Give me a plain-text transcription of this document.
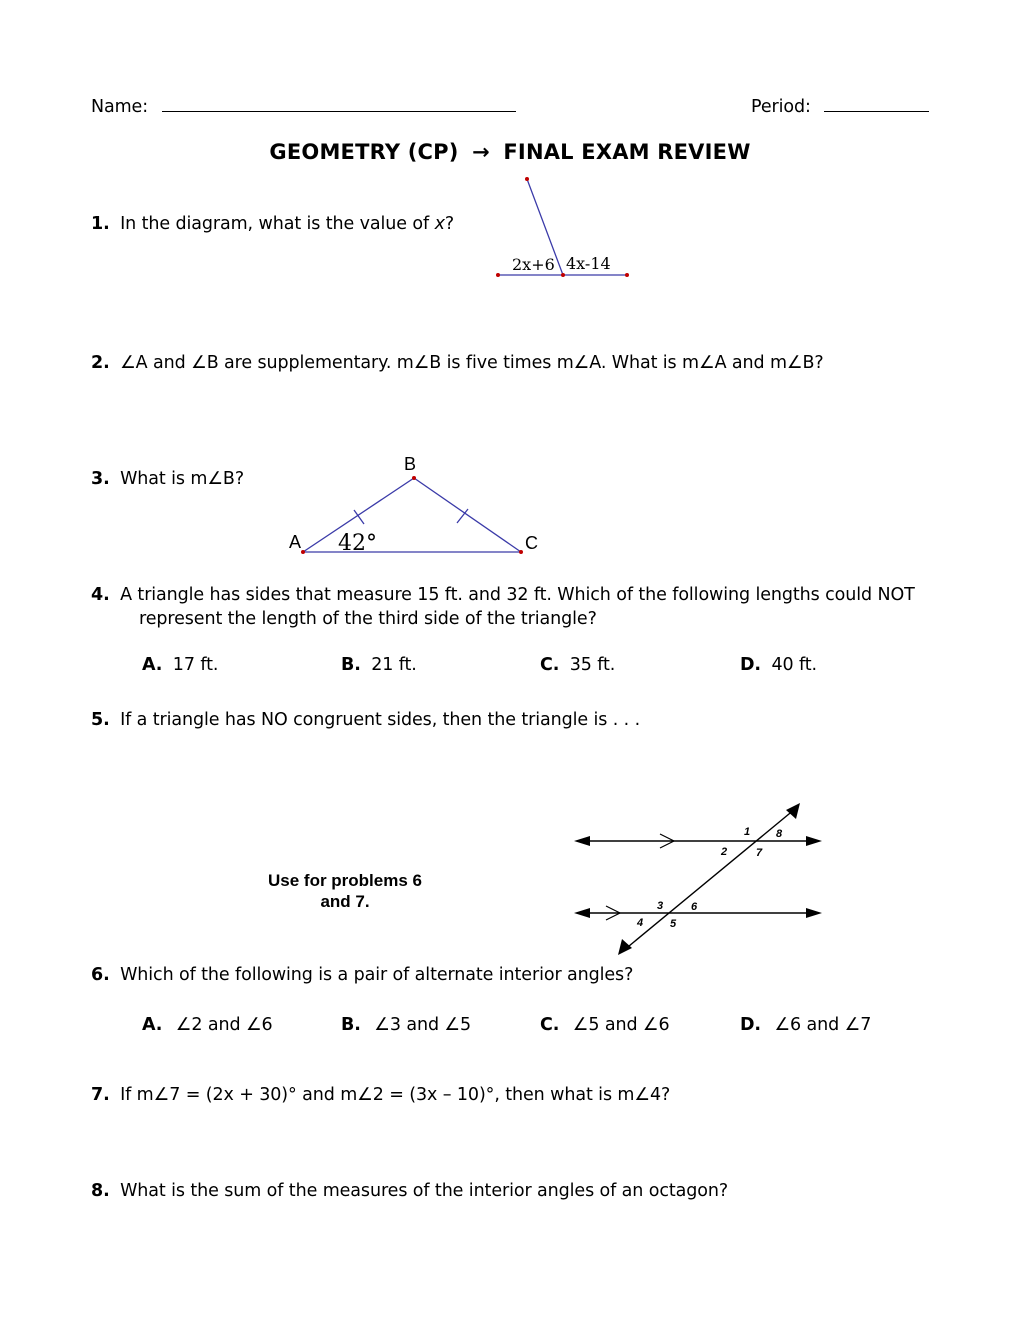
Name:	Period:
GEOMETRY (CP) → FINAL EXAM REVIEW
1. In the diagram, what is the value of x?
2x+6 4x-14
2. ∠A and ∠B are supplementary. m∠B is five times m∠A. What is m∠A and m∠B?
3. What is m∠B?
A
B
C
42°
4. A triangle has sides that measure 15 ft. and 32 ft. Which of the following lengths could NOT
represent the length of the third side of the triangle?
A. 17 ft.	B. 21 ft.	C. 35 ft.	D. 40 ft.
5. If a triangle has NO congruent sides, then the triangle is . . .
Use for problems 6
and 7.
1 8
2	7
3	6
4 5
6. Which of the following is a pair of alternate interior angles?
A. ∠2 and ∠6	B. ∠3 and ∠5	C. ∠5 and ∠6	D. ∠6 and ∠7
7. If m∠7 = (2x + 30)° and m∠2 = (3x – 10)°, then what is m∠4?
8. What is the sum of the measures of the interior angles of an octagon?
